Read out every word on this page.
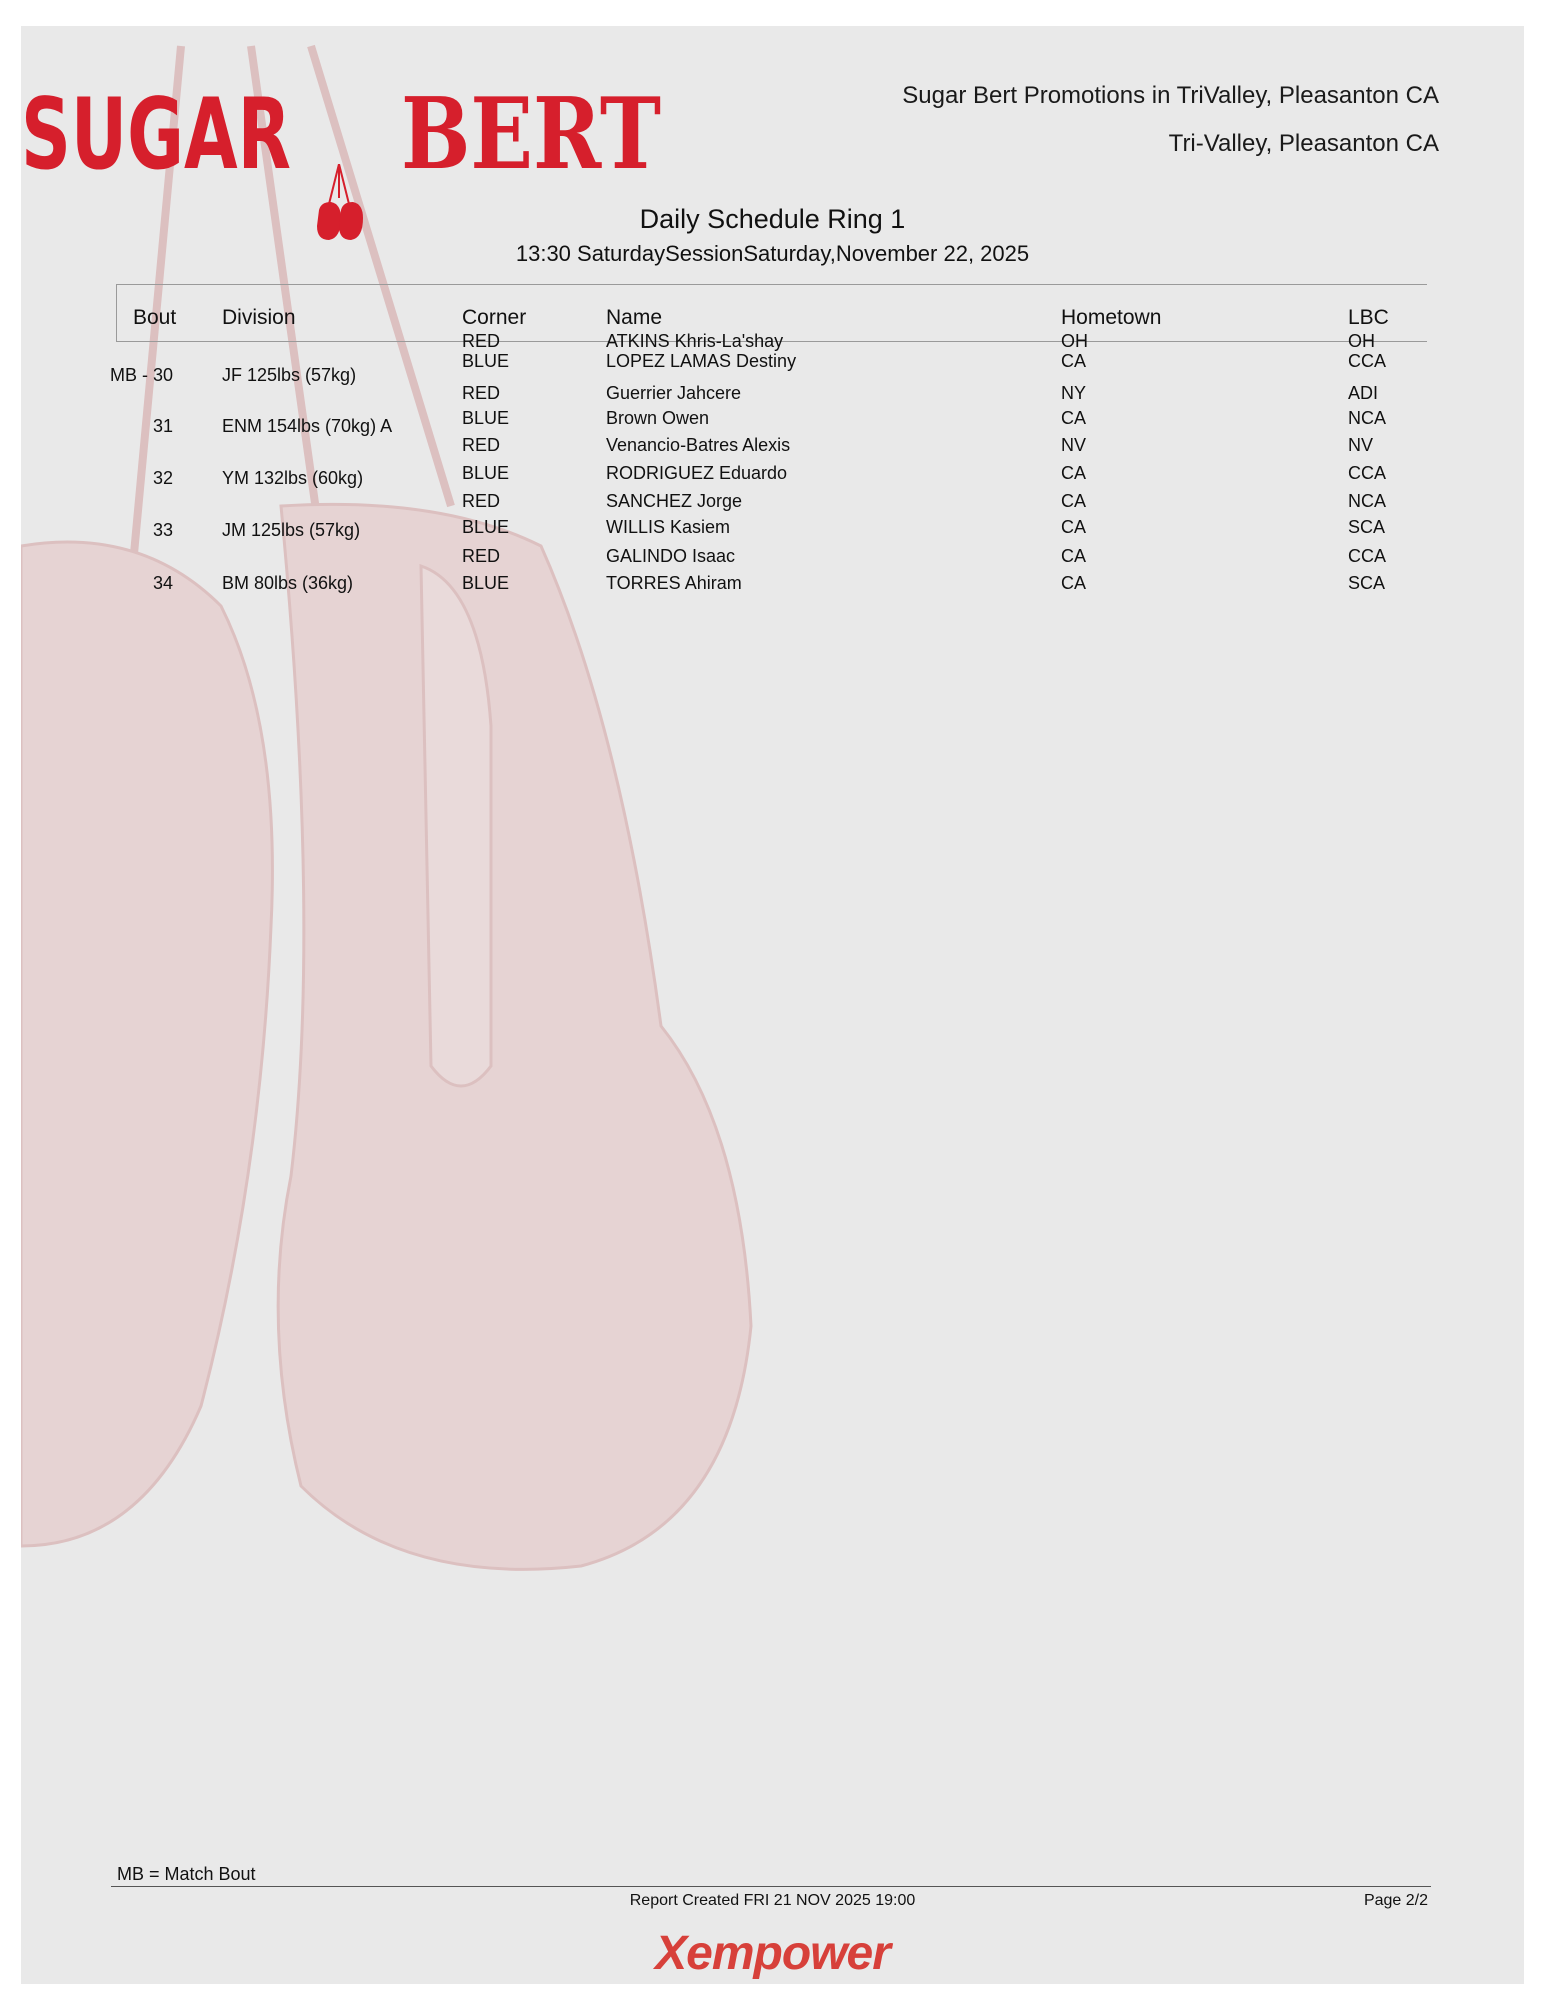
SUGAR BERT	Sugar Bert Promotions in TriValley, Pleasanton CA
Tri-Valley, Pleasanton CA
Daily Schedule Ring 1
13:30 SaturdaySessionSaturday,November 22, 2025
Bout Division	Corner	Name	Hometown	LBC
MB - 30	JF 125lbs (57kg)
RED	ATKINS Khris-La'shay	OH	OH
BLUE	LOPEZ LAMAS Destiny	CA	CCA
31	ENM 154lbs (70kg) A
RED	Guerrier Jahcere	NY	ADI
BLUE	Brown Owen	CA	NCA
32	YM 132lbs (60kg)
RED	Venancio-Batres Alexis	NV	NV
BLUE	RODRIGUEZ Eduardo	CA	CCA
33	JM 125lbs (57kg)
RED	SANCHEZ Jorge	CA	NCA
BLUE	WILLIS Kasiem	CA	SCA
34	BM 80lbs (36kg)
RED	GALINDO Isaac	CA	CCA
BLUE	TORRES Ahiram	CA	SCA
MB = Match Bout
Report Created FRI 21 NOV 2025 19:00	Page 2/2
Xempower
